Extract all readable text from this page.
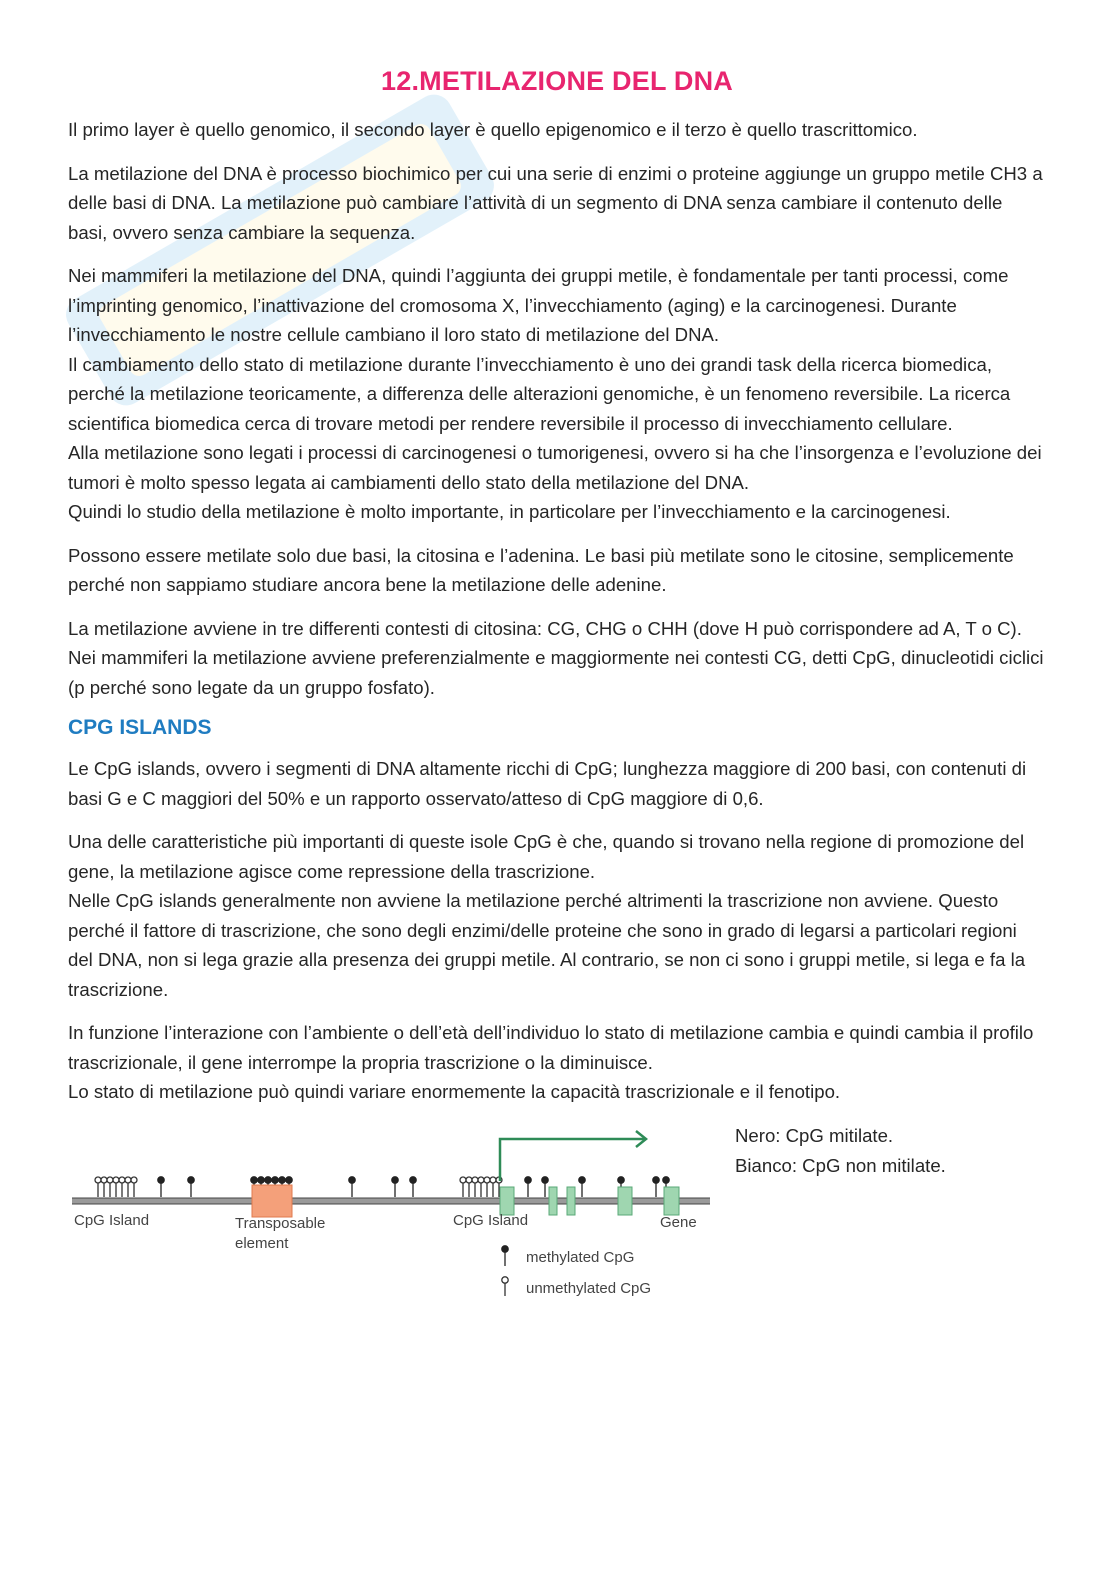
12.METILAZIONE DEL DNA

Il primo layer è quello genomico, il secondo layer è quello epigenomico e il terzo è quello trascrittomico.

La metilazione del DNA è processo biochimico per cui una serie di enzimi o proteine aggiunge un gruppo metile CH3 a delle basi di DNA. La metilazione può cambiare l’attività di un segmento di DNA senza cambiare il contenuto delle basi, ovvero senza cambiare la sequenza.

Nei mammiferi la metilazione del DNA, quindi l’aggiunta dei gruppi metile, è fondamentale per tanti processi, come l’imprinting genomico, l’inattivazione del cromosoma X, l’invecchiamento (aging) e la carcinogenesi. Durante l’invecchiamento le nostre cellule cambiano il loro stato di metilazione del DNA.

Il cambiamento dello stato di metilazione durante l’invecchiamento è uno dei grandi task della ricerca biomedica, perché la metilazione teoricamente, a differenza delle alterazioni genomiche, è un fenomeno reversibile. La ricerca scientifica biomedica cerca di trovare metodi per rendere reversibile il processo di invecchiamento cellulare.

Alla metilazione sono legati i processi di carcinogenesi o tumorigenesi, ovvero si ha che l’insorgenza e l’evoluzione dei tumori è molto spesso legata ai cambiamenti dello stato della metilazione del DNA.

Quindi lo studio della metilazione è molto importante, in particolare per l’invecchiamento e la carcinogenesi.

Possono essere metilate solo due basi, la citosina e l’adenina. Le basi più metilate sono le citosine, semplicemente perché non sappiamo studiare ancora bene la metilazione delle adenine.

La metilazione avviene in tre differenti contesti di citosina: CG, CHG o CHH (dove H può corrispondere ad A, T o C). Nei mammiferi la metilazione avviene preferenzialmente e maggiormente nei contesti CG, detti CpG, dinucleotidi ciclici (p perché sono legate da un gruppo fosfato).

CPG ISLANDS

Le CpG islands, ovvero i segmenti di DNA altamente ricchi di CpG; lunghezza maggiore di 200 basi, con contenuti di basi G e C maggiori del 50% e un rapporto osservato/atteso di CpG maggiore di 0,6.

Una delle caratteristiche più importanti di queste isole CpG è che, quando si trovano nella regione di promozione del gene, la metilazione agisce come repressione della trascrizione.

Nelle CpG islands generalmente non avviene la metilazione perché altrimenti la trascrizione non avviene. Questo perché il fattore di trascrizione, che sono degli enzimi/delle proteine che sono in grado di legarsi a particolari regioni del DNA, non si lega grazie alla presenza dei gruppi metile. Al contrario, se non ci sono i gruppi metile, si lega e fa la trascrizione.

In funzione l’interazione con l’ambiente o dell’età dell’individuo lo stato di metilazione cambia e quindi cambia il profilo trascrizionale, il gene interrompe la propria trascrizione o la diminuisce.

Lo stato di metilazione può quindi variare enormemente la capacità trascrizionale e il fenotipo.

CpG Island	Transposable
element
CpG Island	Gene
methylated CpG
unmethylated CpG
Nero: CpG mitilate.
Bianco: CpG non mitilate.
